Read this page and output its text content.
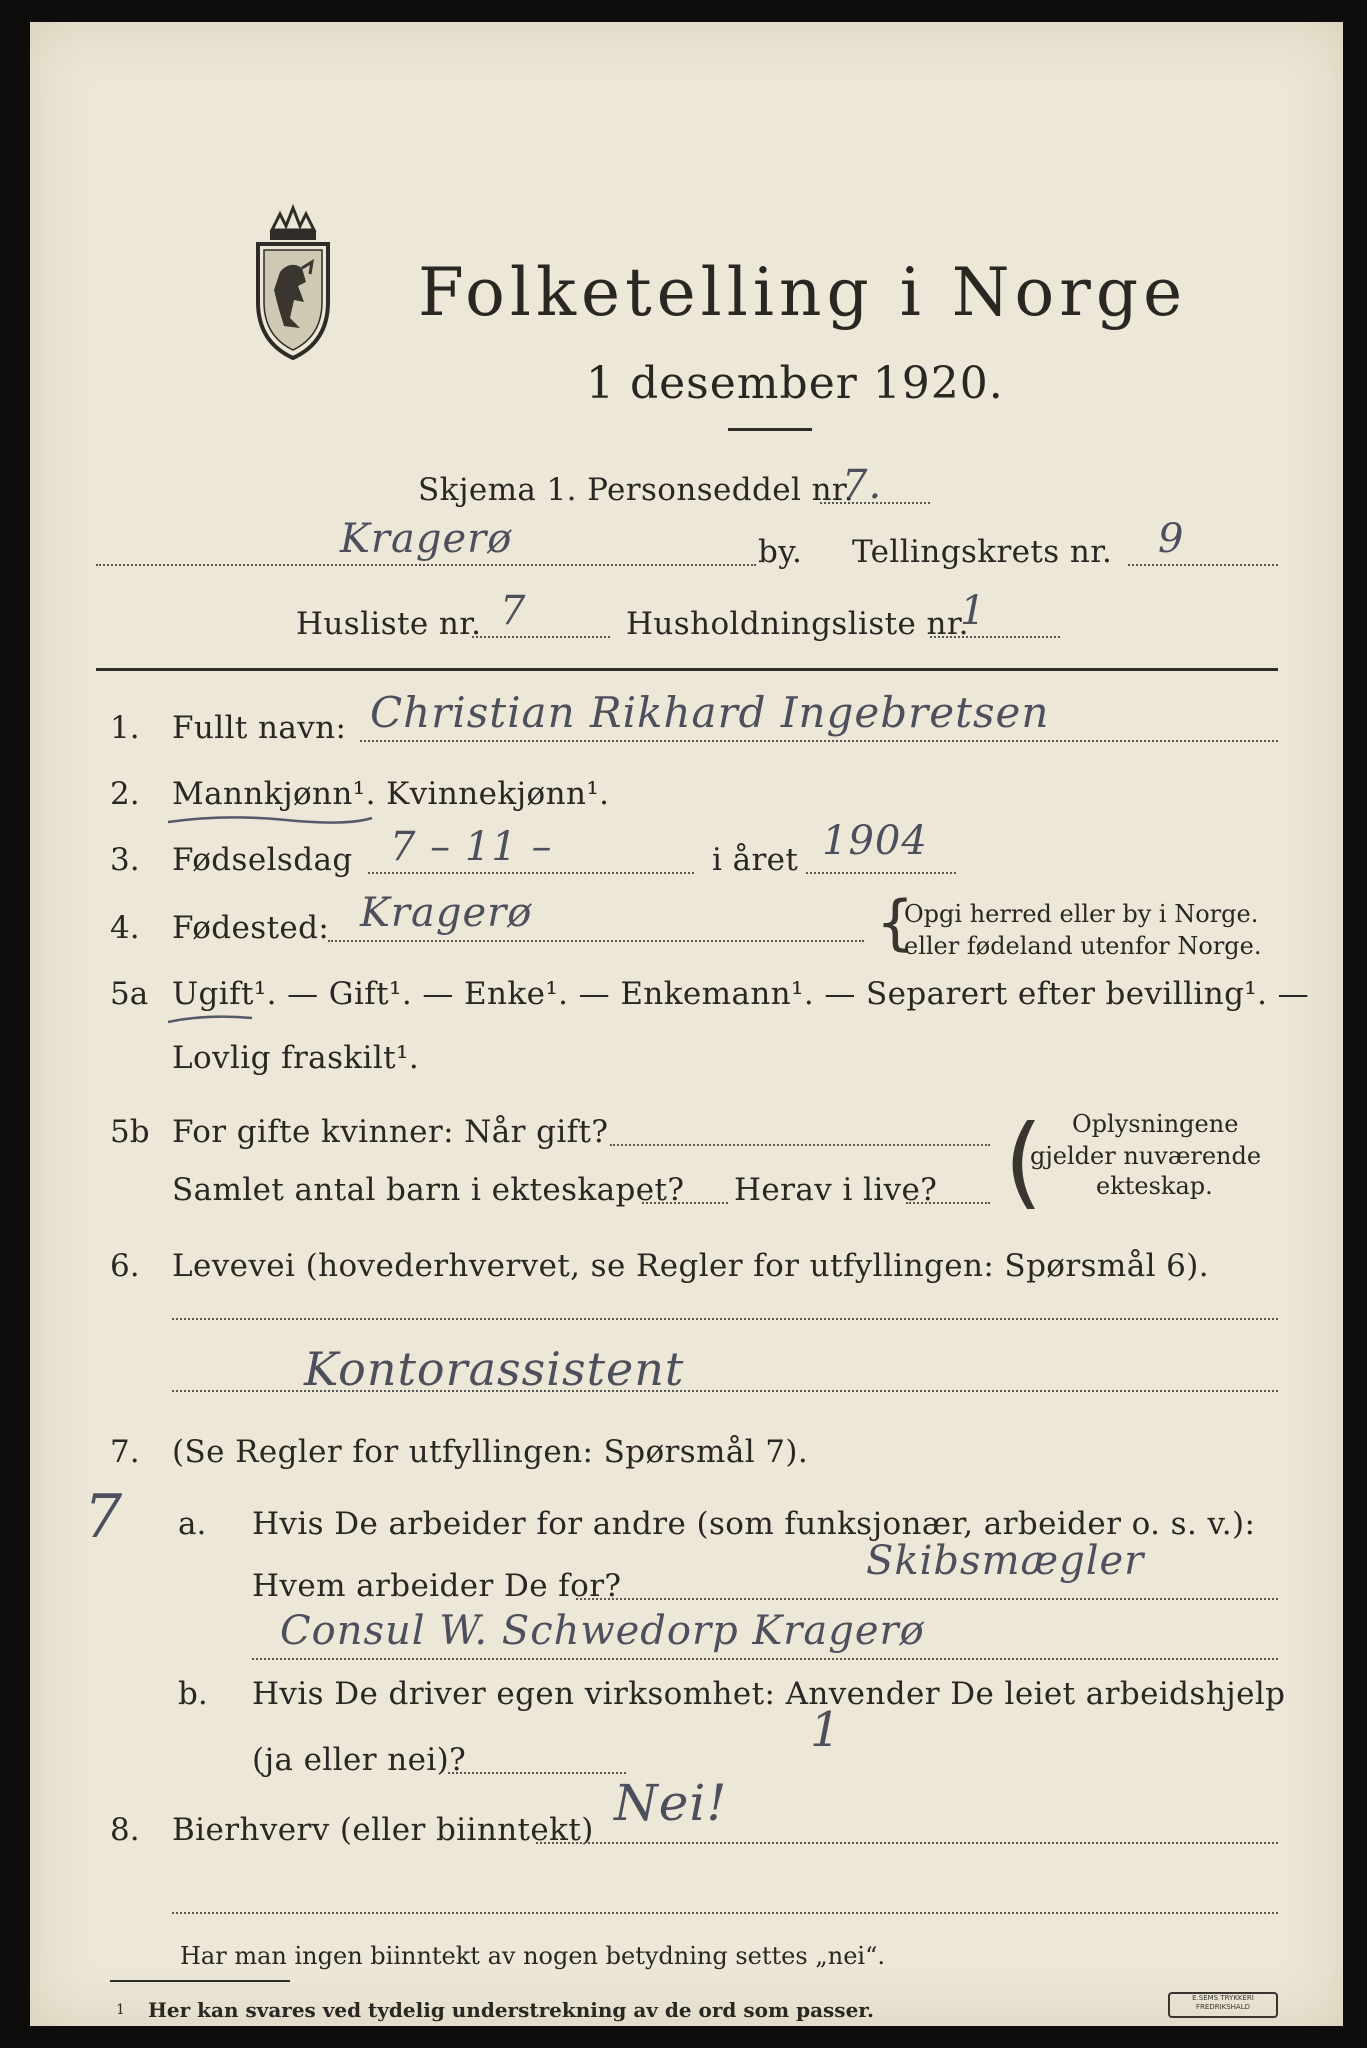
Folketelling i Norge
1 desember 1920.
Skjema 1. Personseddel nr.
7.
Kragerø	by. Tellingskrets nr. 9
Husliste nr. 7	Husholdningsliste nr.
1
1. Fullt navn: Christian Rikhard Ingebretsen
2. Mannkjønn¹. Kvinnekjønn¹.
3. Fødselsdag 7 – 11 –	i året 1904
4. Fødested: Kragerø	{
Opgi herred eller by i Norge.
eller fødeland utenfor Norge.
5a Ugift¹. — Gift¹. — Enke¹. — Enkemann¹. — Separert efter bevilling¹. —
Lovlig fraskilt¹.
5b For gifte kvinner: Når gift?
Samlet antal barn i ekteskapet? Herav i live? ( Oplysningene
gjelder nuværende
ekteskap.
6. Levevei (hovederhvervet, se Regler for utfyllingen: Spørsmål 6).
Kontorassistent
7. (Se Regler for utfyllingen: Spørsmål 7).
7 a. Hvis De arbeider for andre (som funksjonær, arbeider o. s. v.):
Hvem arbeider De for?
Skibsmægler
Consul W. Schwedorp Kragerø
b. Hvis De driver egen virksomhet: Anvender De leiet arbeidshjelp
(ja eller nei)?
1
8. Bierhverv (eller biinntekt) Nei!
Har man ingen biinntekt av nogen betydning settes „nei“.
1 Her kan svares ved tydelig understrekning av de ord som passer.	E.SEMS TRYKKERI
FREDRIKSHALD
